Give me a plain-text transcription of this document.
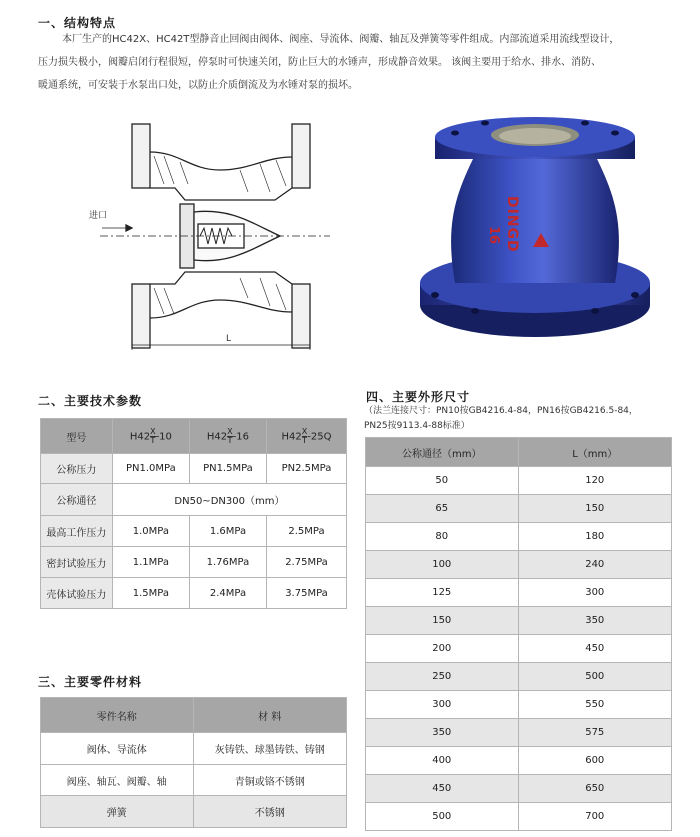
一、结构特点
本厂生产的HC42X、HC42T型静音止回阀由阀体、阀座、导流体、阀瓣、轴瓦及弹簧等零件组成。内部流道采用流线型设计，
压力损失极小，阀瓣启闭行程很短，停泵时可快速关闭，防止巨大的水锤声，形成静音效果。 该阀主要用于给水、排水、消防、
暖通系统，可安装于水泵出口处，以防止介质倒流及为水锤对泵的损坏。
进口
L
DINGD
16
二、主要技术参数
型号	$H42 \frac{X}{T} -10$	$H42 \frac{X}{T} -16$	$H42 \frac{X}{T} -25Q$
公称压力	PN1.0MPa	PN1.5MPa	PN2.5MPa
公称通径	DN50~DN300（mm）		
最高工作压力	1.0MPa	1.6MPa	2.5MPa
密封试验压力	1.1MPa	1.76MPa	2.75MPa
壳体试验压力	1.5MPa	2.4MPa	3.75MPa
三、主要零件材料
零件名称	材 料
阀体、导流体	灰铸铁、球墨铸铁、铸钢
阀座、轴瓦、阀瓣、轴	青铜或铬不锈钢
弹簧	不锈钢
四、主要外形尺寸
（法兰连接尺寸：PN10按GB4216.4-84，PN16按GB4216.5-84，
PN25按9113.4-88标准）
公称通径（mm）	L（mm）
50	120
65	150
80	180
100	240
125	300
150	350
200	450
250	500
300	550
350	575
400	600
450	650
500	700
